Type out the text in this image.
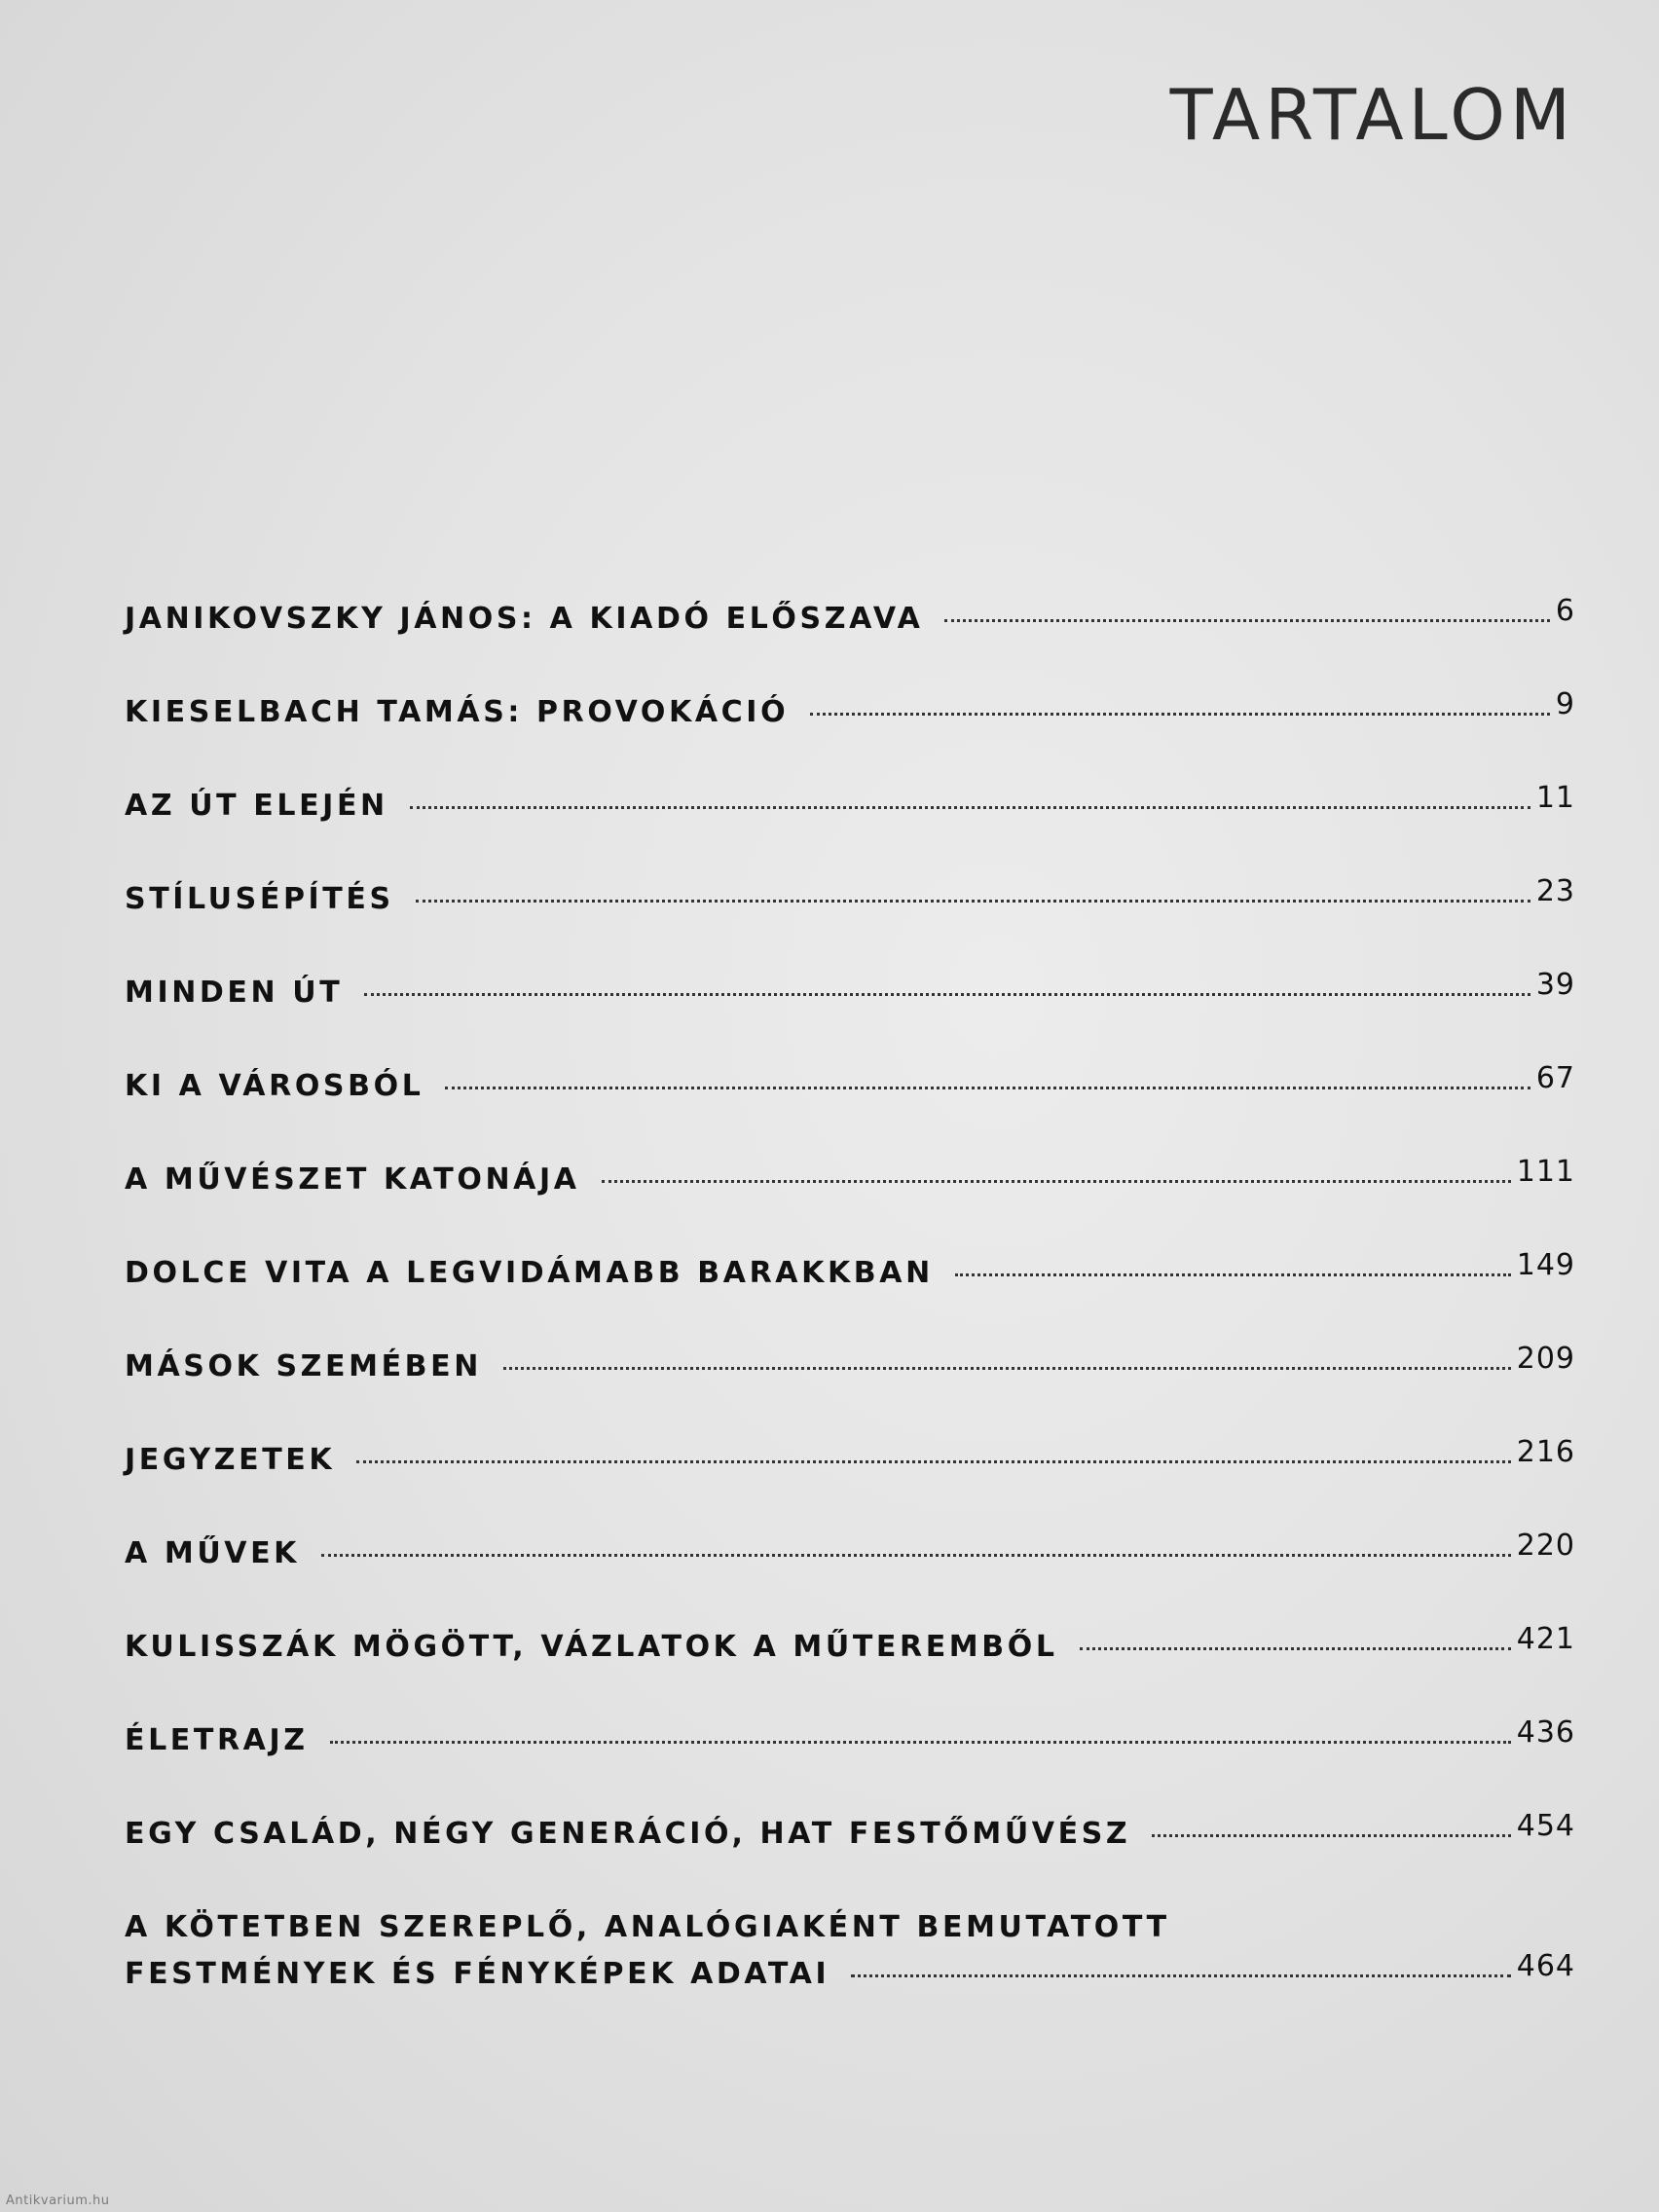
TARTALOM
JANIKOVSZKY JÁNOS: A KIADÓ ELŐSZAVA	6
KIESELBACH TAMÁS: PROVOKÁCIÓ	9
AZ ÚT ELEJÉN	11
STÍLUSÉPÍTÉS	23
MINDEN ÚT	39
KI A VÁROSBÓL	67
A MŰVÉSZET KATONÁJA	111
DOLCE VITA A LEGVIDÁMABB BARAKKBAN	149
MÁSOK SZEMÉBEN	209
JEGYZETEK	216
A MŰVEK	220
KULISSZÁK MÖGÖTT, VÁZLATOK A MŰTEREMBŐL	421
ÉLETRAJZ	436
EGY CSALÁD, NÉGY GENERÁCIÓ, HAT FESTŐMŰVÉSZ	454
A KÖTETBEN SZEREPLŐ, ANALÓGIAKÉNT BEMUTATOTT
FESTMÉNYEK ÉS FÉNYKÉPEK ADATAI	464
Antikvarium.hu
